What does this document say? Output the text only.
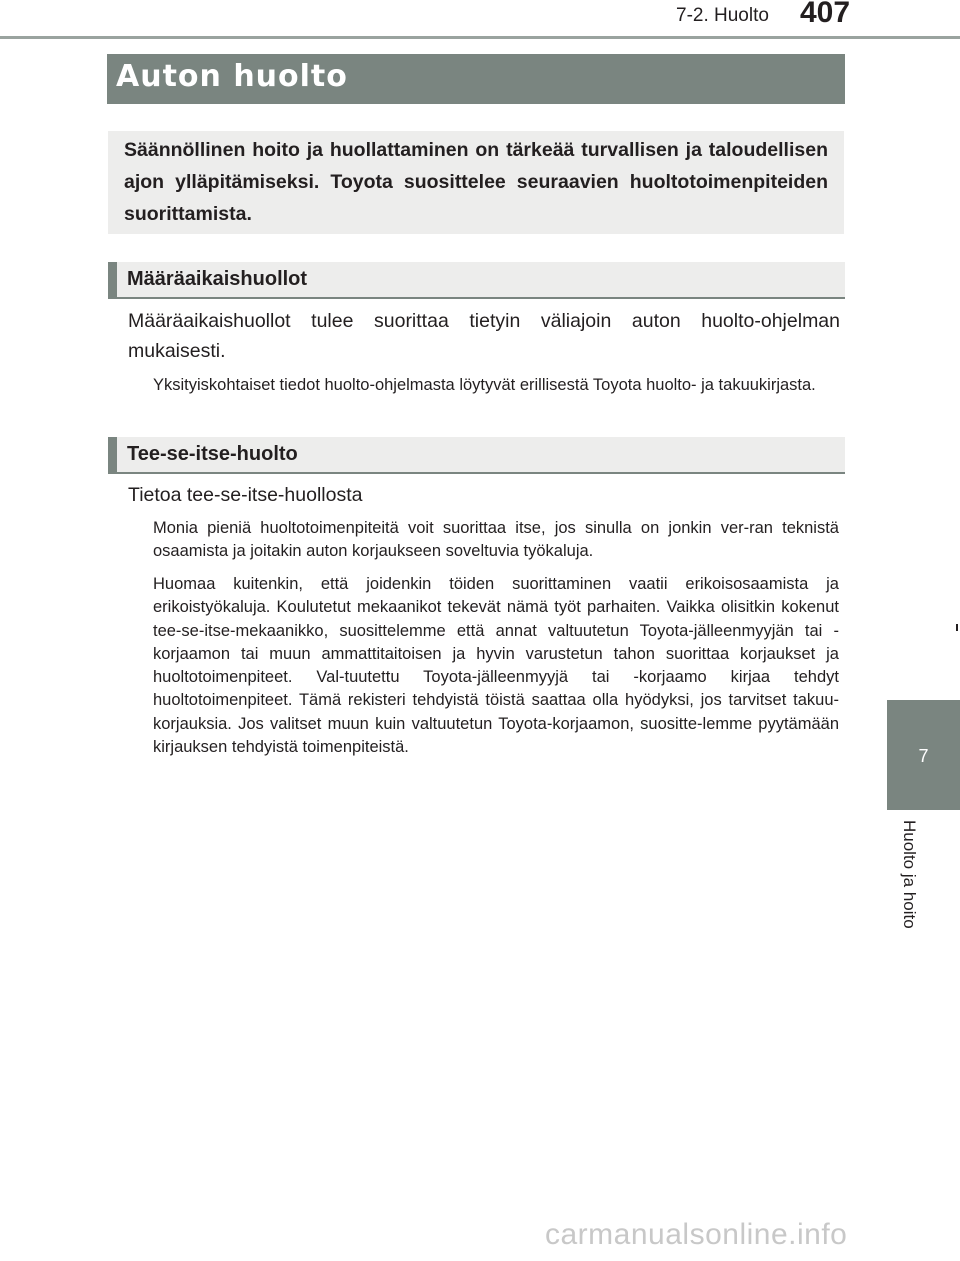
7-2. Huolto 407
7
Huolto ja hoito
Auton huolto
Säännöllinen hoito ja huollattaminen on tärkeää turvallisen ja taloudellisen ajon ylläpitämiseksi. Toyota suosittelee seuraavien huoltotoimenpiteiden suorittamista.
Määräaikaishuollot
Määräaikaishuollot tulee suorittaa tietyin väliajoin auton huolto-ohjelman mukaisesti.
Yksityiskohtaiset tiedot huolto-ohjelmasta löytyvät erillisestä Toyota huolto- ja takuukirjasta.
Tee-se-itse-huolto
Tietoa tee-se-itse-huollosta
Monia pieniä huoltotoimenpiteitä voit suorittaa itse, jos sinulla on jonkin ver-ran teknistä osaamista ja joitakin auton korjaukseen soveltuvia työkaluja.
Huomaa kuitenkin, että joidenkin töiden suorittaminen vaatii erikoisosaamista ja erikoistyökaluja. Koulutetut mekaanikot tekevät nämä työt parhaiten. Vaikka olisitkin kokenut tee-se-itse-mekaanikko, suosittelemme että annat valtuutetun Toyota-jälleenmyyjän tai -korjaamon tai muun ammattitaitoisen ja hyvin varustetun tahon suorittaa korjaukset ja huoltotoimenpiteet. Val-tuutettu Toyota-jälleenmyyjä tai -korjaamo kirjaa tehdyt huoltotoimenpiteet. Tämä rekisteri tehdyistä töistä saattaa olla hyödyksi, jos tarvitset takuu-korjauksia. Jos valitset muun kuin valtuutetun Toyota-korjaamon, suositte-lemme pyytämään kirjauksen tehdyistä toimenpiteistä.
carmanualsonline.info
